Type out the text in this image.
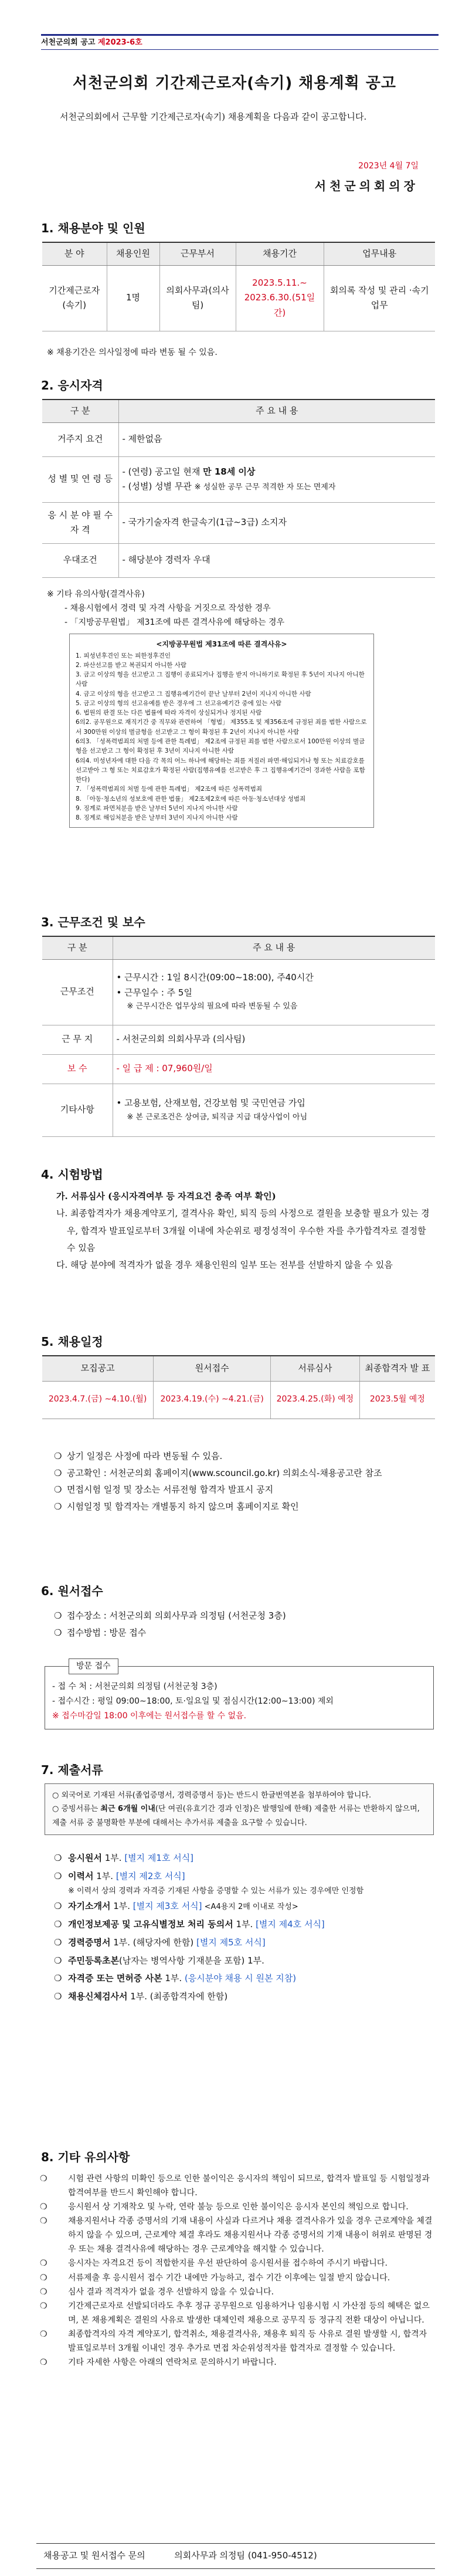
서천군의회 공고 제2023-6호
서천군의회 기간제근로자(속기) 채용계획 공고
서천군의회에서 근무할 기간제근로자(속기) 채용계획을 다음과 같이 공고합니다.
2023년 4월 7일
서천군의회의장
1. 채용분야 및 인원
분 야	채용인원	근무부서	채용기간	업무내용
기간제근로자(속기)	1명	의회사무과(의사팀)	2023.5.11.∼ 2023.6.30.(51일간)	회의록 작성 및 관리 ·속기업무
※ 채용기간은 의사일정에 따라 변동 될 수 있음.
2. 응시자격
구 분	주 요 내 용
거주지 요건	- 제한없음
성 별 및 연 령 등	- (연령) 공고일 현재 만 18세 이상
- (성별) 성별 무관 ※ 성실한 공무 근무 적격한 자 또는 면제자

응 시 분 야 필 수 자 격	- 국가기술자격 한글속기(1급∼3급) 소지자
우대조건	- 해당분야 경력자 우대
※ 기타 유의사항(결격사유)
- 채용시험에서 경력 및 자격 사항을 거짓으로 작성한 경우
- 「지방공무원법」 제31조에 따른 결격사유에 해당하는 경우
<지방공무원법 제31조에 따른 결격사유>
1. 피성년후견인 또는 피한정후견인
2. 파산선고를 받고 복권되지 아니한 사람
3. 금고 이상의 형을 선고받고 그 집행이 종료되거나 집행을 받지 아니하기로 확정된 후 5년이 지나지 아니한 사람
4. 금고 이상의 형을 선고받고 그 집행유예기간이 끝난 날부터 2년이 지나지 아니한 사람
5. 금고 이상의 형의 선고유예를 받은 경우에 그 선고유예기간 중에 있는 사람
6. 법원의 판결 또는 다른 법률에 따라 자격이 상실되거나 정지된 사람
6의2. 공무원으로 재직기간 중 직무와 관련하여 「형법」 제355조 및 제356조에 규정된 죄를 범한 사람으로서 300만원 이상의 벌금형을 선고받고 그 형이 확정된 후 2년이 지나지 아니한 사람
6의3. 「성폭력범죄의 처벌 등에 관한 특례법」 제2조에 규정된 죄를 범한 사람으로서 100만원 이상의 벌금형을 선고받고 그 형이 확정된 후 3년이 지나지 아니한 사람
6의4. 미성년자에 대한 다음 각 목의 어느 하나에 해당하는 죄를 저질러 파면·해임되거나 형 또는 치료감호를 선고받아 그 형 또는 치료감호가 확정된 사람(집행유예를 선고받은 후 그 집행유예기간이 경과한 사람을 포함한다)
7. 「성폭력범죄의 처벌 등에 관한 특례법」 제2조에 따른 성폭력범죄
8. 「아동·청소년의 성보호에 관한 법률」 제2조제2호에 따른 아동·청소년대상 성범죄
9. 징계로 파면처분을 받은 날부터 5년이 지나지 아니한 사람
8. 징계로 해임처분을 받은 날부터 3년이 지나지 아니한 사람
3. 근무조건 및 보수
구 분	주 요 내 용
근무조건	• 근무시간 : 1일 8시간(09:00∼18:00), 주40시간
• 근무일수 : 주 5일
※ 근무시간은 업무상의 필요에 따라 변동될 수 있음

근 무 지	- 서천군의회 의회사무과 (의사팀)
보 수	- 일 급 제 : 07,960원/일
기타사항	• 고용보험, 산재보험, 건강보험 및 국민연금 가입
※ 본 근로조건은 상여금, 퇴직금 지급 대상사업이 아님
4. 시험방법
가. 서류심사 (응시자격여부 등 자격요건 충족 여부 확인)
나. 최종합격자가 채용계약포기, 결격사유 확인, 퇴직 등의 사정으로 결원을 보충할 필요가 있는 경우, 합격자 발표일로부터 3개월 이내에 차순위로 평정성적이 우수한 자를 추가합격자로 결정할 수 있음
다. 해당 분야에 적격자가 없을 경우 채용인원의 일부 또는 전부를 선발하지 않을 수 있음
5. 채용일정
모집공고	원서접수	서류심사	최종합격자 발 표
2023.4.7.(금) ∼4.10.(월)	2023.4.19.(수) ∼4.21.(금)	2023.4.25.(화) 예정	2023.5월 예정
❍ 상기 일정은 사정에 따라 변동될 수 있음.
❍ 공고확인 : 서천군의회 홈페이지(www.scouncil.go.kr) 의회소식-채용공고란 참조
❍ 면접시험 일정 및 장소는 서류전형 합격자 발표시 공지
❍ 시험일정 및 합격자는 개별통지 하지 않으며 홈페이지로 확인
6. 원서접수
❍ 접수장소 : 서천군의회 의회사무과 의정팀 (서천군청 3층)
❍ 접수방법 : 방문 접수
방문 접수
- 접 수 처 : 서천군의회 의정팀 (서천군청 3층)
- 접수시간 : 평일 09:00∼18:00, 토·일요일 및 점심시간(12:00∼13:00) 제외
※ 접수마감일 18:00 이후에는 원서접수를 할 수 없음.
7. 제출서류
○ 외국어로 기재된 서류(졸업증명서, 경력증명서 등)는 반드시 한글번역본을 첨부하여야 합니다.
○ 증빙서류는 최근 6개월 이내(단 여권(유효기간 경과 인정)은 발행일에 한해) 제출한 서류는 반환하지 않으며, 제출 서류 중 불명확한 부분에 대해서는 추가서류 제출을 요구할 수 있습니다.
❍ 응시원서 1부. [별지 제1호 서식]
❍ 이력서 1부. [별지 제2호 서식]
※ 이력서 상의 경력과 자격증 기재된 사항을 증명할 수 있는 서류가 있는 경우에만 인정함
❍ 자기소개서 1부. [별지 제3호 서식] <A4용지 2매 이내로 작성>
❍ 개인정보제공 및 고유식별정보 처리 동의서 1부. [별지 제4호 서식]
❍ 경력증명서 1부. (해당자에 한함) [별지 제5호 서식]
❍ 주민등록초본(남자는 병역사항 기재분을 포함) 1부.
❍ 자격증 또는 면허증 사본 1부. (응시분야 채용 시 원본 지참)
❍ 채용신체검사서 1부. (최종합격자에 한함)
8. 기타 유의사항
❍	시험 관련 사항의 미확인 등으로 인한 불이익은 응시자의 책임이 되므로, 합격자 발표일 등 시험일정과 합격여부를 반드시 확인해야 합니다.
❍	응시원서 상 기재착오 및 누락, 연락 불능 등으로 인한 불이익은 응시자 본인의 책임으로 합니다.
❍	채용지원서나 각종 증명서의 기재 내용이 사실과 다르거나 채용 결격사유가 있을 경우 근로계약을 체결하지 않을 수 있으며, 근로계약 체결 후라도 채용지원서나 각종 증명서의 기재 내용이 허위로 판명된 경우 또는 채용 결격사유에 해당하는 경우 근로계약을 해지할 수 있습니다.
❍	응시자는 자격요건 등이 적합한지를 우선 판단하여 응시원서를 접수하여 주시기 바랍니다.
❍	서류제출 후 응시원서 접수 기간 내에만 가능하고, 접수 기간 이후에는 일절 받지 않습니다.
❍	심사 결과 적격자가 없을 경우 선발하지 않을 수 있습니다.
❍	기간제근로자로 선발되더라도 추후 정규 공무원으로 임용하거나 임용시험 시 가산점 등의 혜택은 없으며, 본 채용계획은 결원의 사유로 발생한 대체인력 채용으로 공무직 등 정규직 전환 대상이 아닙니다.
❍	최종합격자의 자격 계약포기, 합격취소, 채용결격사유, 채용후 퇴직 등 사유로 결원 발생할 시, 합격자 발표일로부터 3개월 이내인 경우 추가로 면접 차순위성적자를 합격자로 결정할 수 있습니다.
❍	기타 자세한 사항은 아래의 연락처로 문의하시기 바랍니다.
채용공고 및 원서접수 문의	의회사무과 의정팀 (041-950-4512)
